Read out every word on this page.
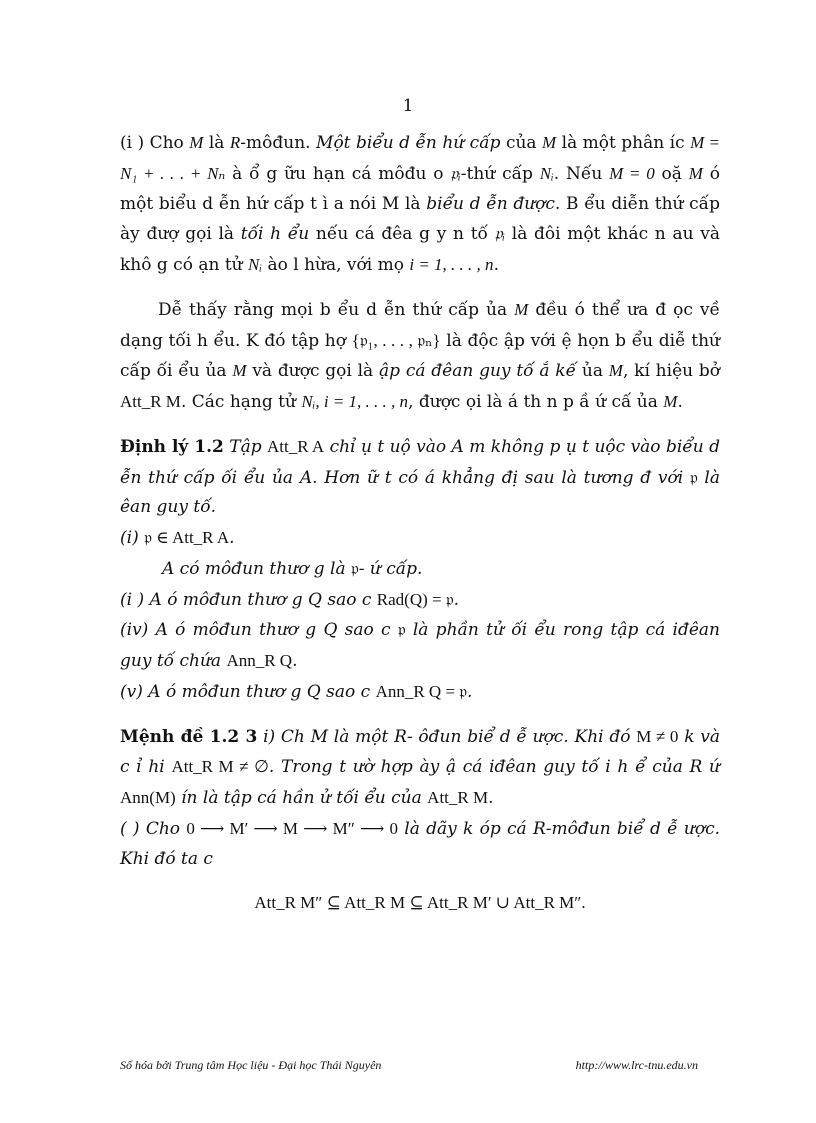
1

(i ) Cho M là R-môđun. Một biểu d ễn hứ cấp của M là một phân íc M = N₁ + . . . + Nₙ à ổ g ữu hạn cá môđu o 𝔭ᵢ-thứ cấp Nᵢ. Nếu M = 0 oặ M ó một biểu d ễn hứ cấp t ì a nói M là biểu d ễn được. B ểu diễn thứ cấp ày đượ gọi là tối h ểu nếu cá đêa g y n tố 𝔭ᵢ là đôi một khác n au và khô g có ạn tử Nᵢ ào l hừa, với mọ i = 1, . . . , n.

Dễ thấy rằng mọi b ểu d ễn thứ cấp ủa M đều ó thể ưa đ ọc về dạng tối h ểu. K đó tập hợ {𝔭₁, . . . , 𝔭ₙ} là độc ập với ệ họn b ểu diễ thứ cấp ối ểu ủa M và được gọi là ập cá đêan guy tố ắ kế ủa M, kí hiệu bở Att_R M. Các hạng tử Nᵢ, i = 1, . . . , n, được ọi là á th n p ầ ứ cấ ủa M.

Định lý 1.2 Tập Att_R A chỉ ụ t uộ vào A m không p ụ t uộc vào biểu d ễn thứ cấp ối ểu ủa A. Hơn ữ t có á khẳng đị sau là tương đ với 𝔭 là êan guy tố.

(i) 𝔭 ∈ Att_R A.

A có môđun thươ g là 𝔭- ứ cấp.

(i ) A ó môđun thươ g Q sao c Rad(Q) = 𝔭.

(iv) A ó môđun thươ g Q sao c 𝔭 là phần tử ối ểu rong tập cá iđêan guy tố chứa Ann_R Q.

(v) A ó môđun thươ g Q sao c Ann_R Q = 𝔭.

Mệnh đề 1.2 3 i) Ch M là một R- ôđun biể d ễ ược. Khi đó M ≠ 0 k và c ỉ hi Att_R M ≠ ∅. Trong t ườ hợp ày ậ cá iđêan guy tố i h ể của R ứ Ann(M) ín là tập cá hần ử tối ểu của Att_R M.

( ) Cho 0 ⟶ M′ ⟶ M ⟶ M″ ⟶ 0 là dãy k óp cá R-môđun biể d ễ ược. Khi đó ta c

Att_R M″ ⊆ Att_R M ⊆ Att_R M′ ∪ Att_R M″.

Số hóa bởi Trung tâm Học liệu - Đại học Thái Nguyên	http://www.lrc-tnu.edu.vn
